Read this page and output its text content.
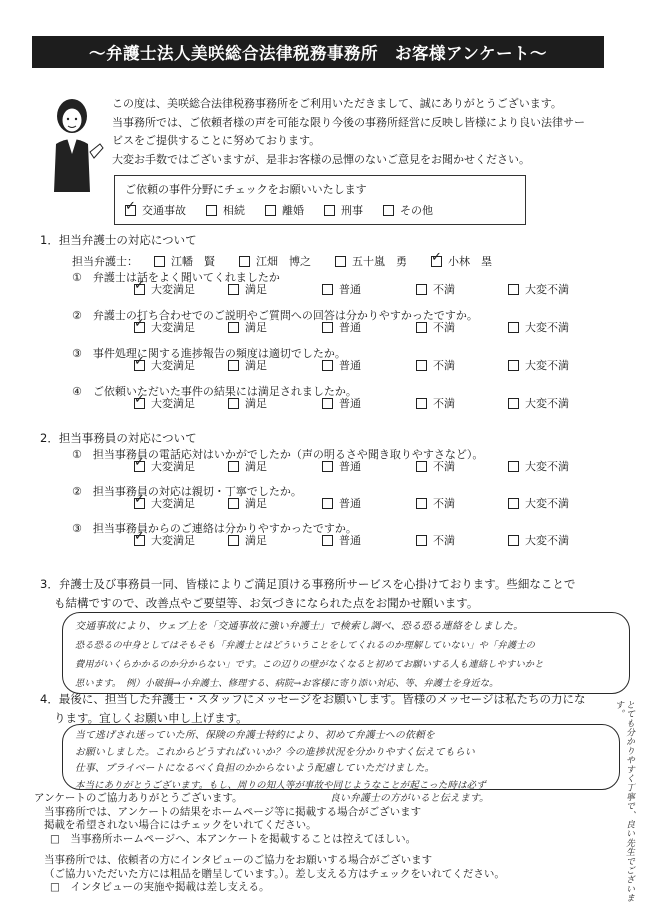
～弁護士法人美咲総合法律税務事務所　お客様アンケート～

この度は、美咲総合法律税務事務所をご利用いただきまして、誠にありがとうございます。

当事務所では、ご依頼者様の声を可能な限り今後の事務所経営に反映し皆様により良い法律サー

ビスをご提供することに努めております。

大変お手数ではございますが、是非お客様の忌憚のないご意見をお聞かせください。

ご依頼の事件分野にチェックをお願いいたします
✓
交通事故	相続	離婚	刑事	その他
1．担当弁護士の対応について
担当弁護士：	江幡　賢	江畑　博之	五十嵐　勇
✓	小林　塁
①　弁護士は話をよく聞いてくれましたか
✓
大変満足	満足	普通	不満	大変不満
②　弁護士の打ち合わせでのご説明やご質問への回答は分かりやすかったですか。
✓
大変満足	満足	普通	不満	大変不満
③　事件処理に関する進捗報告の頻度は適切でしたか。
✓
大変満足	満足	普通	不満	大変不満
④　ご依頼いただいた事件の結果には満足されましたか。
✓
大変満足	満足	普通	不満	大変不満
2．担当事務員の対応について
①　担当事務員の電話応対はいかがでしたか（声の明るさや聞き取りやすさなど）。
✓
大変満足	満足	普通	不満	大変不満
②　担当事務員の対応は親切・丁寧でしたか。
✓
大変満足	満足	普通	不満	大変不満
③　担当事務員からのご連絡は分かりやすかったですか。
✓
大変満足	満足	普通	不満	大変不満
3．弁護士及び事務員一同、皆様によりご満足頂ける事務所サービスを心掛けております。些細なことで
も結構ですので、改善点やご要望等、お気づきになられた点をお聞かせ願います。
交通事故により、ウェブ上を「交通事故に強い弁護士」で検索し調べ、恐る恐る連絡をしました。
恐る恐るの中身としてはそもそも「弁護士とはどういうことをしてくれるのか理解していない」や「弁護士の
費用がいくらかかるのか分からない」です。この辺りの壁がなくなると初めてお願いする人も連絡しやすいかと
思います。　例）小破損→小弁護士、修理する、病院→お客様に寄り添い対応、等、弁護士を身近な。
4．最後に、担当した弁護士・スタッフにメッセージをお願いします。皆様のメッセージは私たちの力にな
ります。宜しくお願い申し上げます。
当て逃げされ迷っていた所、保険の弁護士特約により、初めて弁護士への依頼を
お願いしました。これからどうすればいいか？今の進捗状況を分かりやすく伝えてもらい
仕事、プライベートになるべく負担のかからないよう配慮していただけました。
本当にありがとうございます。もし、周りの知人等が事故や同じようなことが起こった時は必ず	とても分かりやすく丁寧で、良い先生でございます。

アンケートのご協力ありがとうございます。

当事務所では、アンケートの結果をホームページ等に掲載する場合がございます

掲載を希望されない場合にはチェックをいれてください。

□　当事務所ホームページへ、本アンケートを掲載することは控えてほしい。

当事務所では、依頼者の方にインタビューのご協力をお願いする場合がございます

（ご協力いただいた方には粗品を贈呈しています。）。差し支える方はチェックをいれてください。

□　インタビューの実施や掲載は差し支える。

良い弁護士の方がいると伝えます。
